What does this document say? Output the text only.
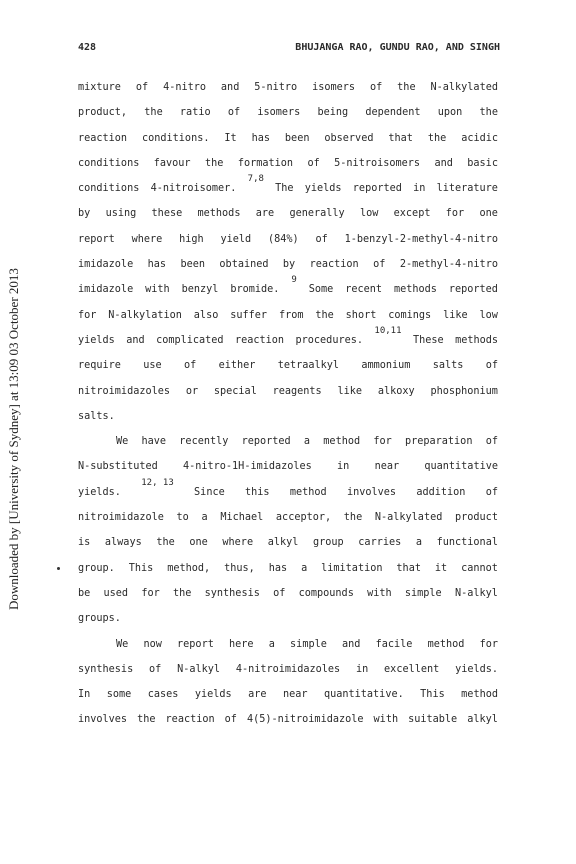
Downloaded by [University of Sydney] at 13:09 03 October 2013
428	BHUJANGA RAO, GUNDU RAO, AND SINGH
mixture of 4-nitro and 5-nitro isomers of the N-alkylated
product, the ratio of isomers being dependent upon the
reaction conditions. It has been observed that the acidic
conditions favour the formation of 5-nitroisomers and basic
conditions 4-nitroisomer.
7,8
The yields reported in literature
by using these methods are generally low except for one
report where high yield (84%) of 1-benzyl-2-methyl-4-nitro
imidazole has been obtained by reaction of 2-methyl-4-nitro
imidazole with benzyl bromide.
9
Some recent methods reported
for N-alkylation also suffer from the short comings like low
yields and complicated reaction procedures.
10,11
These methods
require use of either tetraalkyl ammonium salts of
nitroimidazoles or special reagents like alkoxy phosphonium
salts.
We have recently reported a method for preparation of
N-substituted 4-nitro-1H-imidazoles in near quantitative
yields.
12, 13
Since this method involves addition of
nitroimidazole to a Michael acceptor, the N-alkylated product
is always the one where alkyl group carries a functional
group. This method, thus, has a limitation that it cannot
be used for the synthesis of compounds with simple N-alkyl
groups.
We now report here a simple and facile method for
synthesis of N-alkyl 4-nitroimidazoles in excellent yields.
In some cases yields are near quantitative. This method
involves the reaction of 4(5)-nitroimidazole with suitable alkyl
